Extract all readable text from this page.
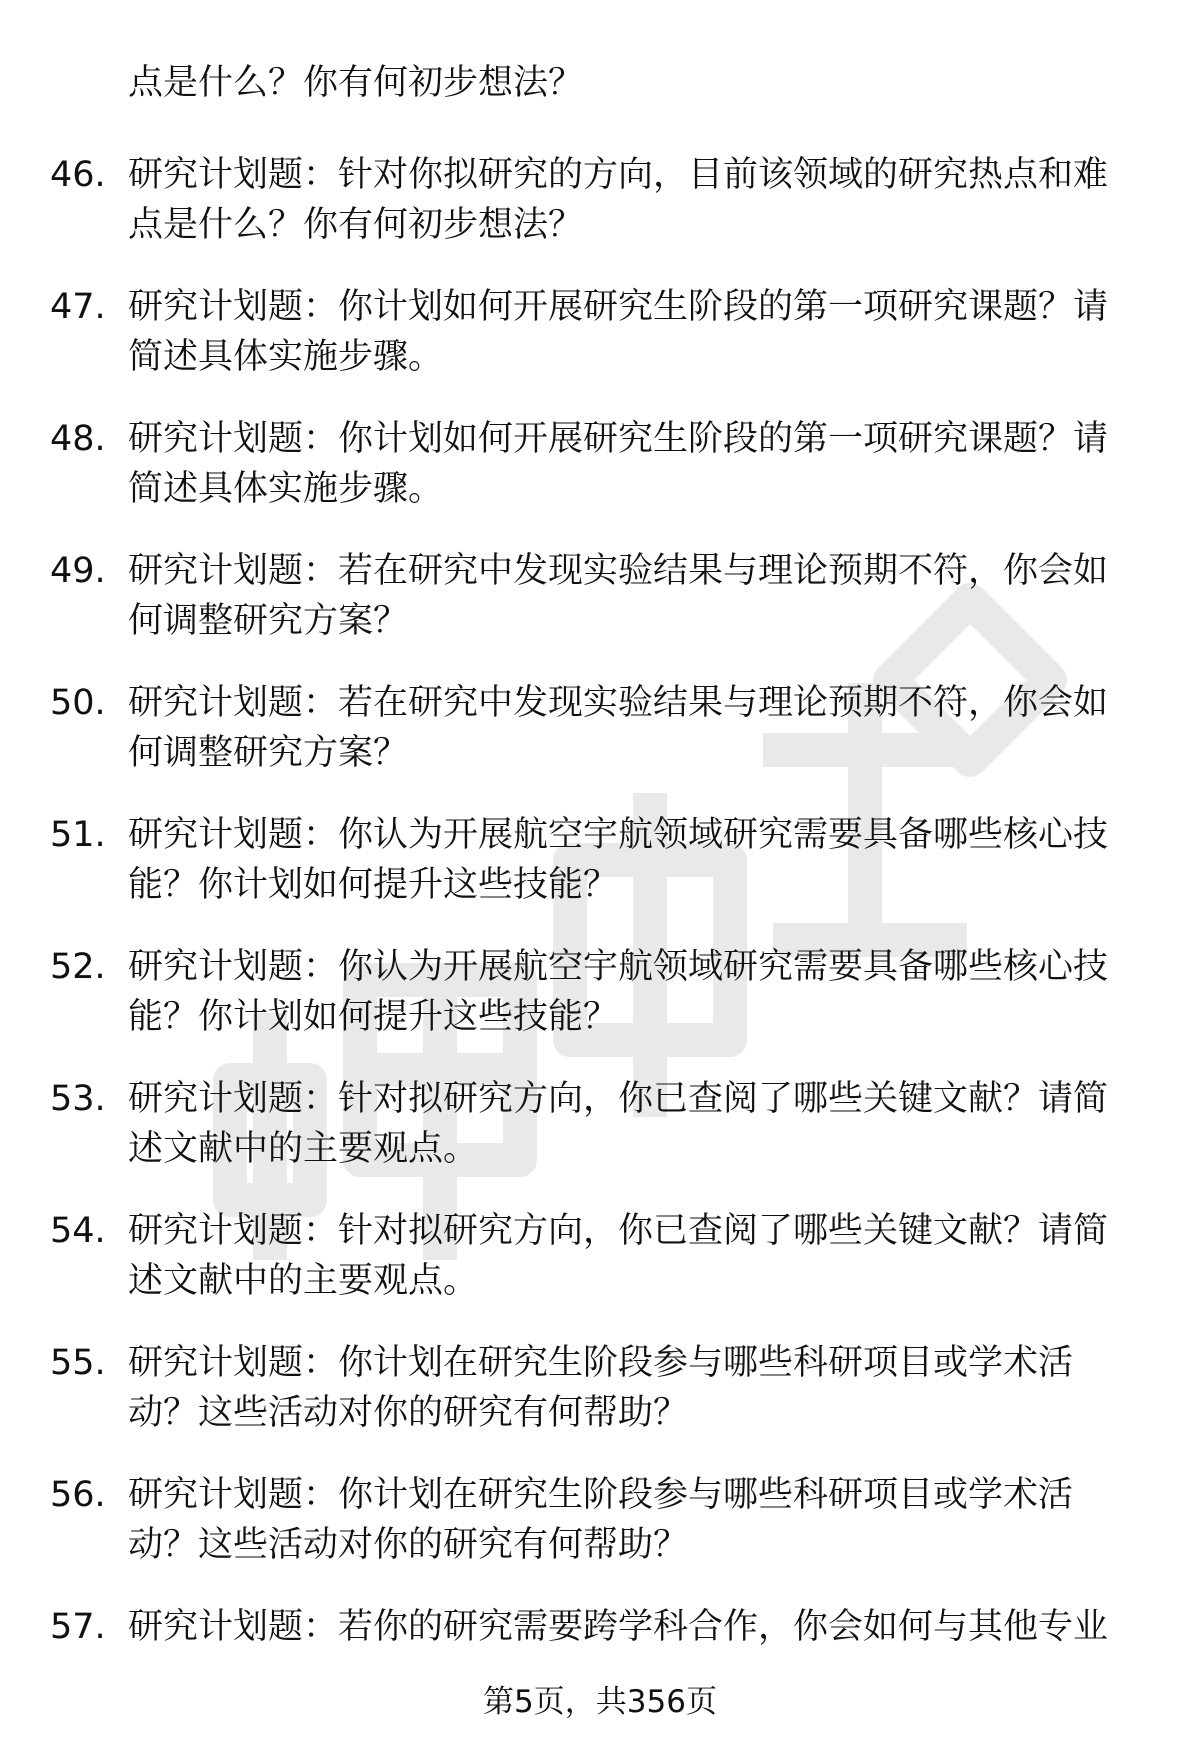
点是什么？你有何初步想法？
46. 研究计划题：针对你拟研究的方向，目前该领域的研究热点和难
点是什么？你有何初步想法？
47. 研究计划题：你计划如何开展研究生阶段的第一项研究课题？请
简述具体实施步骤。
48. 研究计划题：你计划如何开展研究生阶段的第一项研究课题？请
简述具体实施步骤。
49. 研究计划题：若在研究中发现实验结果与理论预期不符，你会如
何调整研究方案？
50. 研究计划题：若在研究中发现实验结果与理论预期不符，你会如
何调整研究方案？
51. 研究计划题：你认为开展航空宇航领域研究需要具备哪些核心技
能？你计划如何提升这些技能？
52. 研究计划题：你认为开展航空宇航领域研究需要具备哪些核心技
能？你计划如何提升这些技能？
53. 研究计划题：针对拟研究方向，你已查阅了哪些关键文献？请简
述文献中的主要观点。
54. 研究计划题：针对拟研究方向，你已查阅了哪些关键文献？请简
述文献中的主要观点。
55. 研究计划题：你计划在研究生阶段参与哪些科研项目或学术活
动？这些活动对你的研究有何帮助？
56. 研究计划题：你计划在研究生阶段参与哪些科研项目或学术活
动？这些活动对你的研究有何帮助？
57. 研究计划题：若你的研究需要跨学科合作，你会如何与其他专业
第5页，共356页
